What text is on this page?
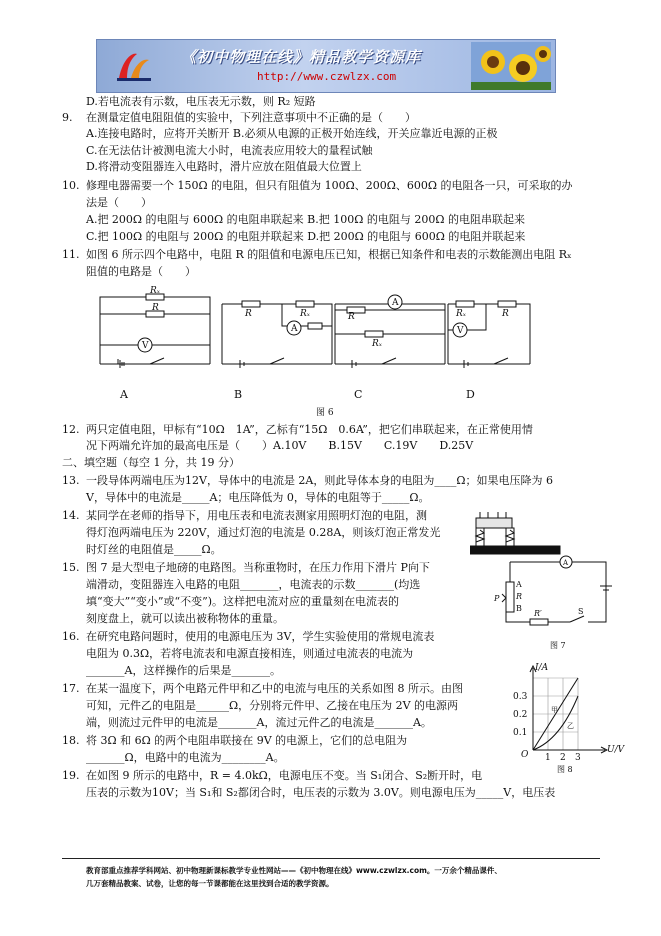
《初中物理在线》精品教学资源库
http://www.czwlzx.com
D.若电流表有示数，电压表无示数，则 R₂ 短路
9. 在测量定值电阻阻值的实验中，下列注意事项中不正确的是（　　）
A.连接电路时，应将开关断开 B.必须从电源的正极开始连线，开关应靠近电源的正极
C.在无法估计被测电流大小时，电流表应用较大的量程试触
D.将滑动变阻器连入电路时，滑片应放在阻值最大位置上
10. 修理电器需要一个 150Ω 的电阻，但只有阻值为 100Ω、200Ω、600Ω 的电阻各一只，可采取的办
法是（　　）
A.把 200Ω 的电阻与 600Ω 的电阻串联起来 B.把 100Ω 的电阻与 200Ω 的电阻串联起来
C.把 100Ω 的电阻与 200Ω 的电阻并联起来 D.把 200Ω 的电阻与 600Ω 的电阻并联起来
11. 如图 6 所示四个电路中，电阻 R 的阻值和电源电压已知，根据已知条件和电表的示数能测出电阻 Rₓ
阻值的电路是（　　）
Rₓ
R
V
R	Rₓ
A
A
R
Rₓ
Rₓ	R
V
A	B	C	D
图 6
12. 两只定值电阻，甲标有“10Ω　1A”，乙标有“15Ω　0.6A”，把它们串联起来，在正常使用情
况下两端允许加的最高电压是（　　）A.10V　　B.15V　　C.19V　　D.25V
二、填空题（每空 1 分，共 19 分）
13. 一段导体两端电压为12V，导体中的电流是 2A，则此导体本身的电阻为____Ω；如果电压降为 6
V，导体中的电流是_____A；电压降低为 0，导体的电阻等于_____Ω。
14. 某同学在老师的指导下，用电压表和电流表测家用照明灯泡的电阻，测
得灯泡两端电压为 220V，通过灯泡的电流是 0.28A，则该灯泡正常发光
时灯丝的电阻值是_____Ω。
15. 图 7 是大型电子地磅的电路图。当称重物时，在压力作用下滑片 P向下
端滑动，变阻器连入电路的电阻_______，电流表的示数_______(均选
填“变大”“变小”或“不变”)。这样把电流对应的重量刻在电流表的
刻度盘上，就可以读出被称物体的重量。
16. 在研究电路问题时，使用的电源电压为 3V，学生实验使用的常规电流表
电阻为 0.3Ω，若将电流表和电源直接相连，则通过电流表的电流为
_______A，这样操作的后果是_______。
17. 在某一温度下，两个电路元件甲和乙中的电流与电压的关系如图 8 所示。由图
可知，元件乙的电阻是______Ω，分别将元件甲、乙接在电压为 2V 的电源两
端，则流过元件甲的电流是_______A，流过元件乙的电流是_______A。
18. 将 3Ω 和 6Ω 的两个电阻串联接在 9V 的电源上，它们的总电阻为
_______Ω，电路中的电流为________A。
19. 在如图 9 所示的电路中，R = 4.0kΩ，电源电压不变。当 S₁闭合、S₂断开时，电
压表的示数为10V；当 S₁和 S₂都闭合时，电压表的示数为 3.0V。则电源电压为_____V，电压表
A
R
P
B
R′	S
A
图 7
I/A
U/V
O
0.1
0.2
0.3
1 2 3
甲
乙
图 8
教育部重点推荐学科网站、初中物理新课标教学专业性网站——《初中物理在线》www.czwlzx.com。一万余个精品课件、
几万套精品教案、试卷，让您的每一节课都能在这里找到合适的教学资源。
